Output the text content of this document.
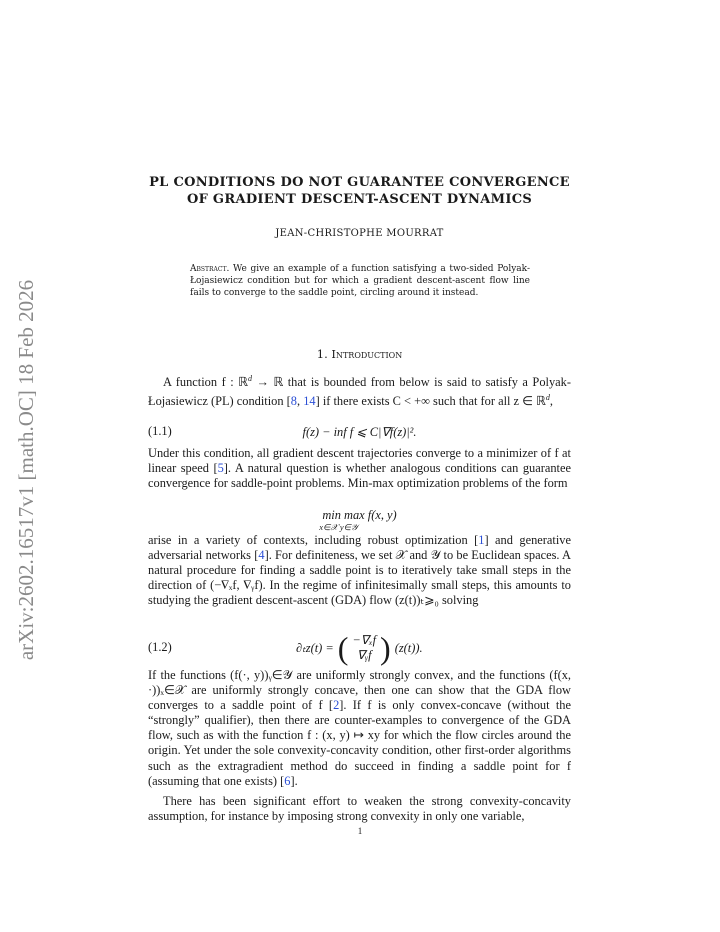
arXiv:2602.16517v1 [math.OC] 18 Feb 2026
PL CONDITIONS DO NOT GUARANTEE CONVERGENCE
OF GRADIENT DESCENT-ASCENT DYNAMICS
JEAN-CHRISTOPHE MOURRAT
Abstract. We give an example of a function satisfying a two-sided Polyak-Łojasiewicz condition but for which a gradient descent-ascent flow line fails to converge to the saddle point, circling around it instead.
1. Introduction
A function f : ℝ$^d$ → ℝ that is bounded from below is said to satisfy a Polyak-Łojasiewicz (PL) condition [8, 14] if there exists C < +∞ such that for all z ∈ ℝ$^d$,
(1.1)	f(z) − inf f ⩽ C|∇f(z)|².
Under this condition, all gradient descent trajectories converge to a minimizer of f at linear speed [5]. A natural question is whether analogous conditions can guarantee convergence for saddle-point problems. Min-max optimization problems of the form
min max f(x, y)
x∈𝒳 y∈𝒴
arise in a variety of contexts, including robust optimization [1] and generative adversarial networks [4]. For definiteness, we set 𝒳 and 𝒴 to be Euclidean spaces. A natural procedure for finding a saddle point is to iteratively take small steps in the direction of (−∇ₓf, ∇ᵧf). In the regime of infinitesimally small steps, this amounts to studying the gradient descent-ascent (GDA) flow (z(t))ₜ⩾₀ solving
(1.2)	∂ₜz(t) = ( −∇ₓf
∇ᵧf ) (z(t)).
If the functions (f(·, y))ᵧ∈𝒴 are uniformly strongly convex, and the functions (f(x, ·))ₓ∈𝒳 are uniformly strongly concave, then one can show that the GDA flow converges to a saddle point of f [2]. If f is only convex-concave (without the “strongly” qualifier), then there are counter-examples to convergence of the GDA flow, such as with the function f : (x, y) ↦ xy for which the flow circles around the origin. Yet under the sole convexity-concavity condition, other first-order algorithms such as the extragradient method do succeed in finding a saddle point for f (assuming that one exists) [6].
There has been significant effort to weaken the strong convexity-concavity assumption, for instance by imposing strong convexity in only one variable,
1
